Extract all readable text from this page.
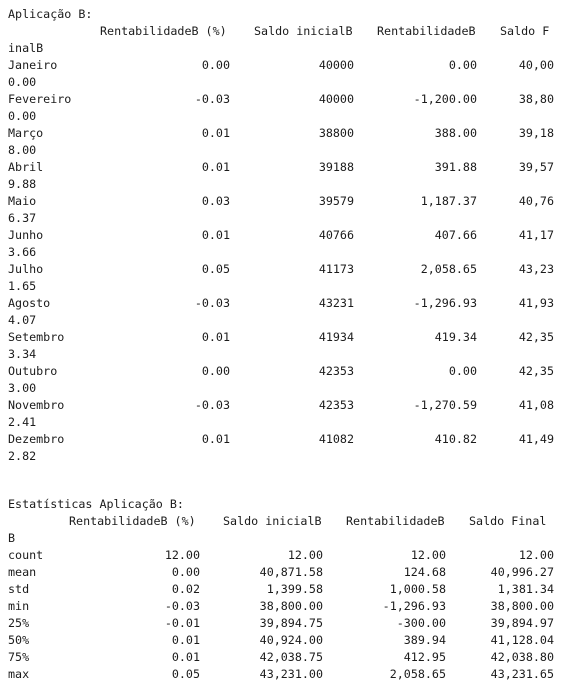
Aplicação B:
RentabilidadeB (%) Saldo inicialB RentabilidadeB Saldo F
inalB
Janeiro	0.00	40000	0.00	40,00
0.00
Fevereiro	-0.03	40000	-1,200.00	38,80
0.00
Março	0.01	38800	388.00	39,18
8.00
Abril	0.01	39188	391.88	39,57
9.88
Maio	0.03	39579	1,187.37	40,76
6.37
Junho	0.01	40766	407.66	41,17
3.66
Julho	0.05	41173	2,058.65	43,23
1.65
Agosto	-0.03	43231	-1,296.93	41,93
4.07
Setembro	0.01	41934	419.34	42,35
3.34
Outubro	0.00	42353	0.00	42,35
3.00
Novembro	-0.03	42353	-1,270.59	41,08
2.41
Dezembro	0.01	41082	410.82	41,49
2.82
Estatísticas Aplicação B:
RentabilidadeB (%) Saldo inicialB RentabilidadeB Saldo Final
B
count	12.00	12.00	12.00	12.00
mean	0.00	40,871.58	124.68	40,996.27
std	0.02	1,399.58	1,000.58	1,381.34
min	-0.03	38,800.00	-1,296.93	38,800.00
25%	-0.01	39,894.75	-300.00	39,894.97
50%	0.01	40,924.00	389.94	41,128.04
75%	0.01	42,038.75	412.95	42,038.80
max	0.05	43,231.00	2,058.65	43,231.65
